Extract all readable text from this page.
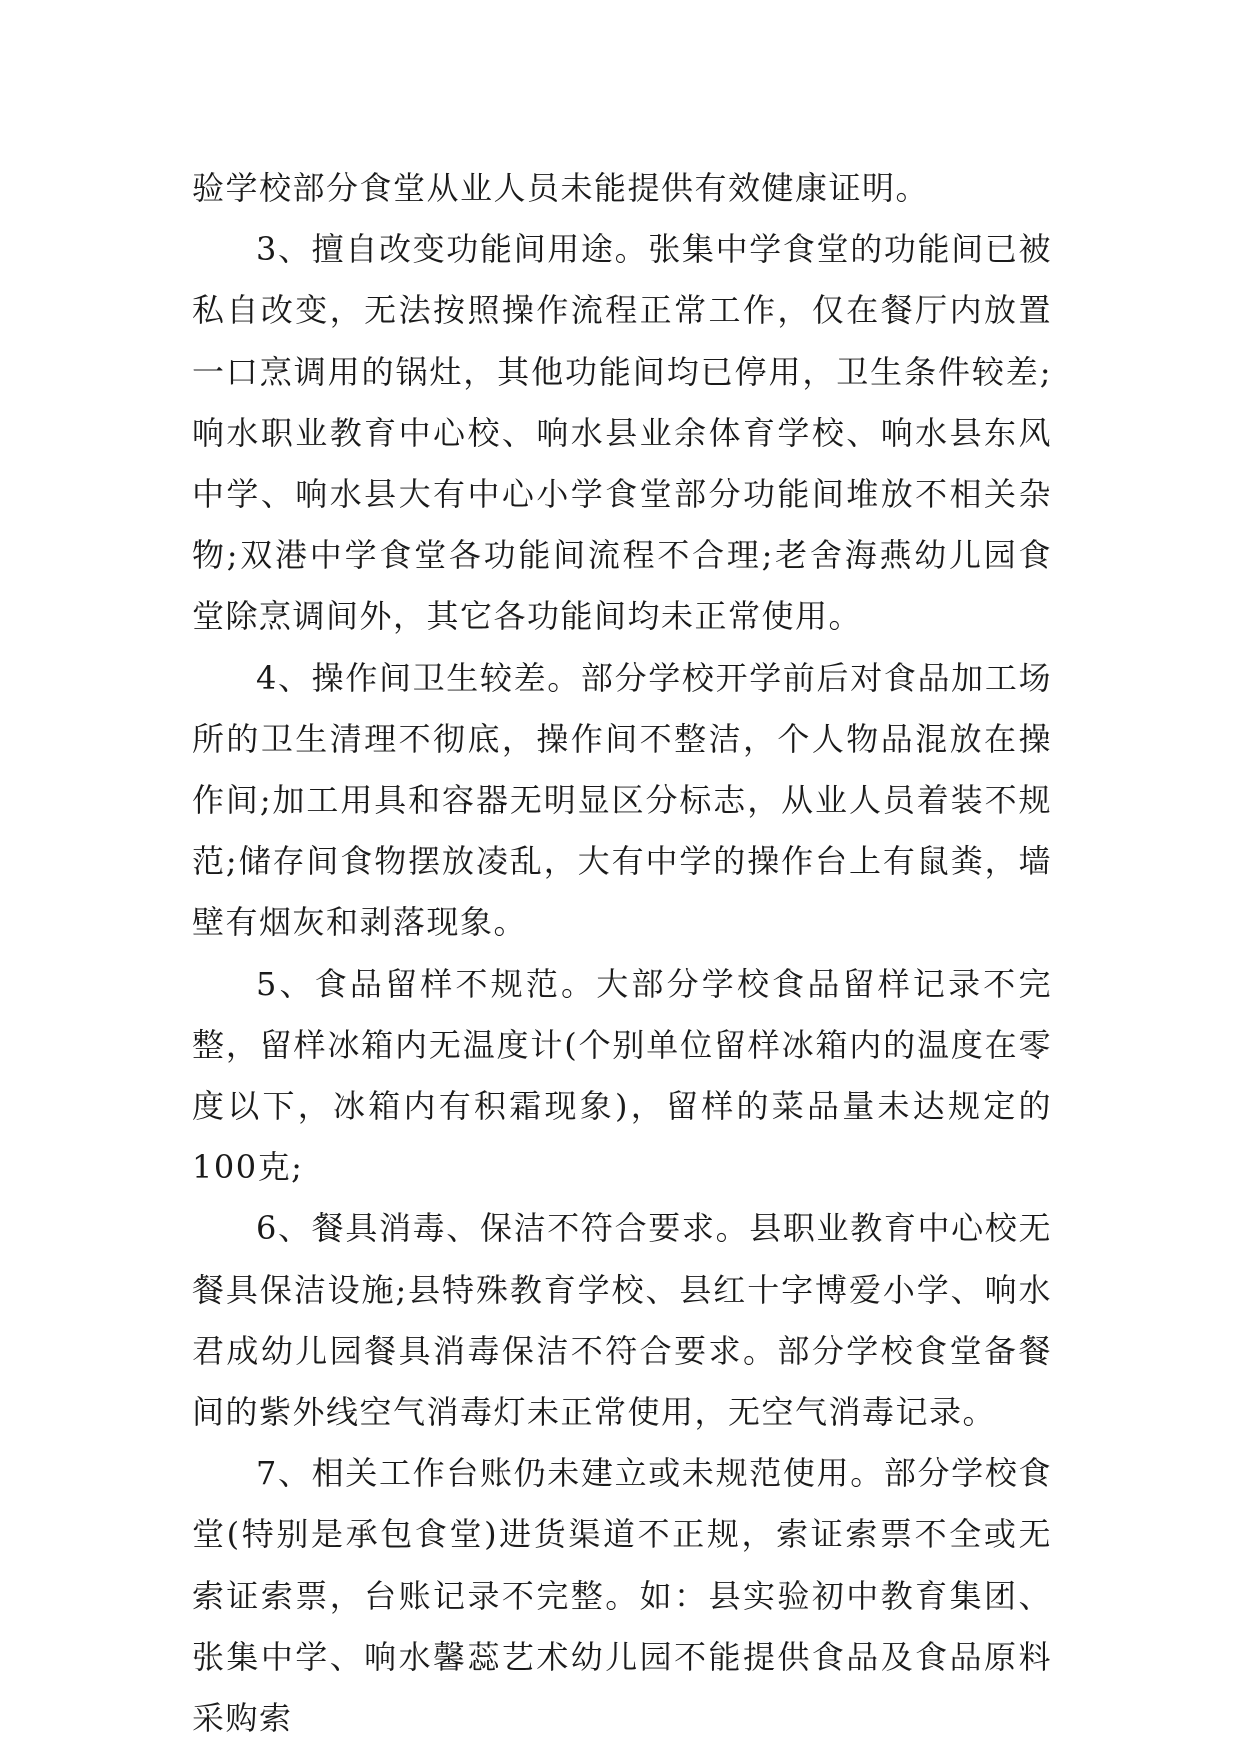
验学校部分食堂从业人员未能提供有效健康证明。

3、擅自改变功能间用途。张集中学食堂的功能间已被私自改变，无法按照操作流程正常工作，仅在餐厅内放置一口烹调用的锅灶，其他功能间均已停用，卫生条件较差;响水职业教育中心校、响水县业余体育学校、响水县东风中学、响水县大有中心小学食堂部分功能间堆放不相关杂物;双港中学食堂各功能间流程不合理;老舍海燕幼儿园食堂除烹调间外，其它各功能间均未正常使用。

4、操作间卫生较差。部分学校开学前后对食品加工场所的卫生清理不彻底，操作间不整洁，个人物品混放在操作间;加工用具和容器无明显区分标志，从业人员着装不规范;储存间食物摆放凌乱，大有中学的操作台上有鼠粪，墙壁有烟灰和剥落现象。

5、食品留样不规范。大部分学校食品留样记录不完整，留样冰箱内无温度计(个别单位留样冰箱内的温度在零度以下，冰箱内有积霜现象)，留样的菜品量未达规定的100克;

6、餐具消毒、保洁不符合要求。县职业教育中心校无餐具保洁设施;县特殊教育学校、县红十字博爱小学、响水君成幼儿园餐具消毒保洁不符合要求。部分学校食堂备餐间的紫外线空气消毒灯未正常使用，无空气消毒记录。

7、相关工作台账仍未建立或未规范使用。部分学校食堂(特别是承包食堂)进货渠道不正规，索证索票不全或无索证索票，台账记录不完整。如：县实验初中教育集团、张集中学、响水馨蕊艺术幼儿园不能提供食品及食品原料采购索
